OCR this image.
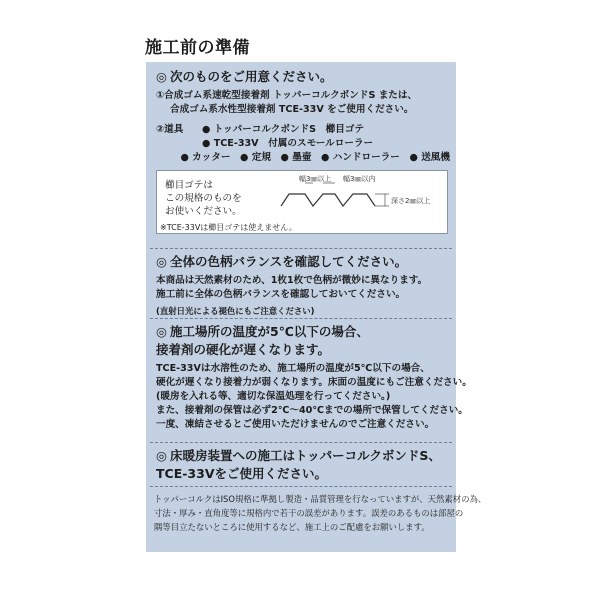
施工前の準備
◎ 次のものをご用意ください。
①合成ゴム系速乾型接着剤 トッパーコルクボンドS または、
合成ゴム系水性型接着剤 TCE-33V をご使用ください。
②道具	● トッパーコルクボンドS　櫛目ゴテ
● TCE-33V　付属のスモールローラー
● カッター　● 定規　● 墨壷　● ハンドローラー　● 送風機
櫛目ゴテは
この規格のものを
お使いください。
幅3㎜以上 幅3㎜以内
深さ2㎜以上
※TCE-33Vは櫛目ゴテは使えません。
◎ 全体の色柄バランスを確認してください。
本商品は天然素材のため、1枚1枚で色柄が微妙に異なります。
施工前に全体の色柄バランスを確認しておいてください。
(直射日光による褪色にもご注意ください)
◎ 施工場所の温度が5℃以下の場合、
接着剤の硬化が遅くなります。
TCE-33Vは水溶性のため、施工場所の温度が5℃以下の場合、
硬化が遅くなり接着力が弱くなります。床面の温度にもご注意ください。
(暖房を入れる等、適切な保温処理を行ってください。)
また、接着剤の保管は必ず2℃〜40℃までの場所で保管してください。
一度、凍結させるとご使用いただけませんのでご注意ください。
◎ 床暖房装置への施工はトッパーコルクボンドS、
TCE-33Vをご使用ください。
トッパーコルクはISO規格に準拠し製造・品質管理を行なっていますが、天然素材の為、
寸法・厚み・直角度等に規格内で若干の誤差があります。誤差のあるものは部屋の
隅等目立たないところに使用するなど、施工上のご配慮をお願いします。
